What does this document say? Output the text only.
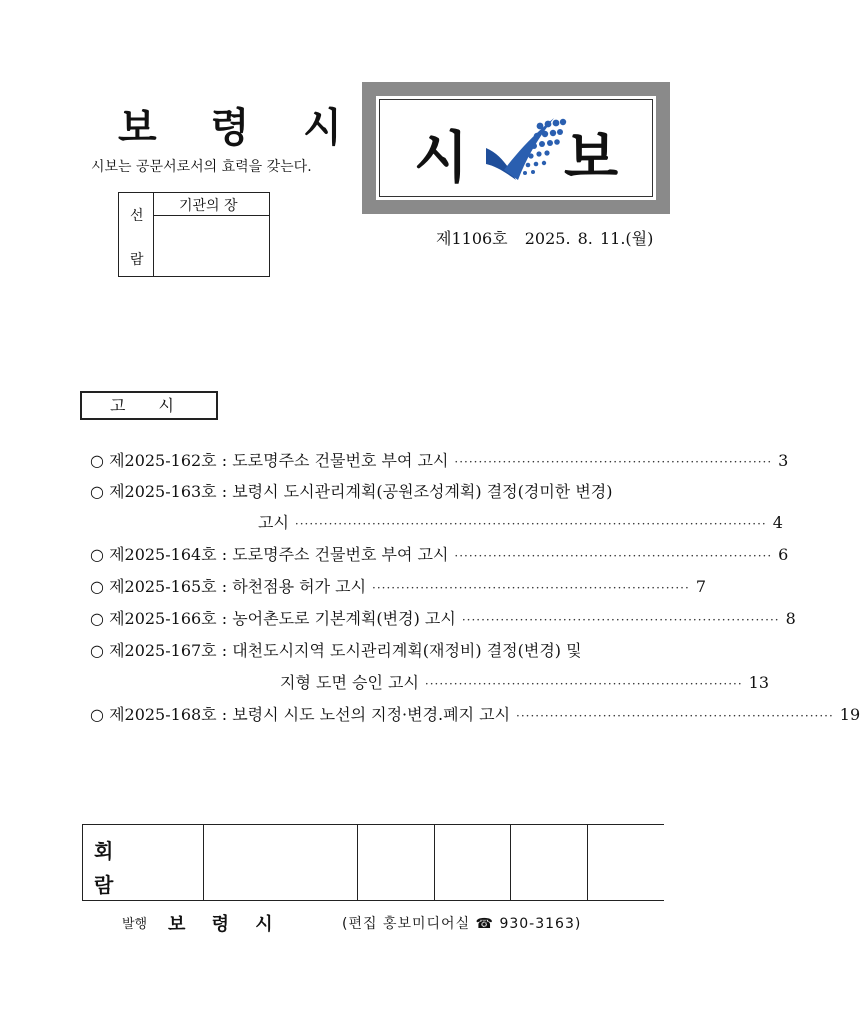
보 령 시
시보는 공문서로서의 효력을 갖는다.
선
람
기관의 장
시 보
제1106호 2025. 8. 11.(월)
고 시
○
제2025-162호
:
도로명주소 건물번호 부여 고시 ·································································· 3
○
제2025-163호
:
보령시 도시관리계획(공원조성계획) 결정(경미한 변경)
고시 ·································································································· 4
○
제2025-164호
:
도로명주소 건물번호 부여 고시 ·································································· 6
○
제2025-165호
:
하천점용 허가 고시 ·································································· 7
○
제2025-166호
:
농어촌도로 기본계획(변경) 고시 ·································································· 8
○
제2025-167호
:
대천도시지역 도시관리계획(재정비) 결정(변경) 및
지형 도면 승인 고시 ·································································· 13
○
제2025-168호
:
보령시 시도 노선의 지정·변경.폐지 고시 ·································································· 19
회
람
발행 보 령 시	(편집 홍보미디어실 ☎ 930-3163)
